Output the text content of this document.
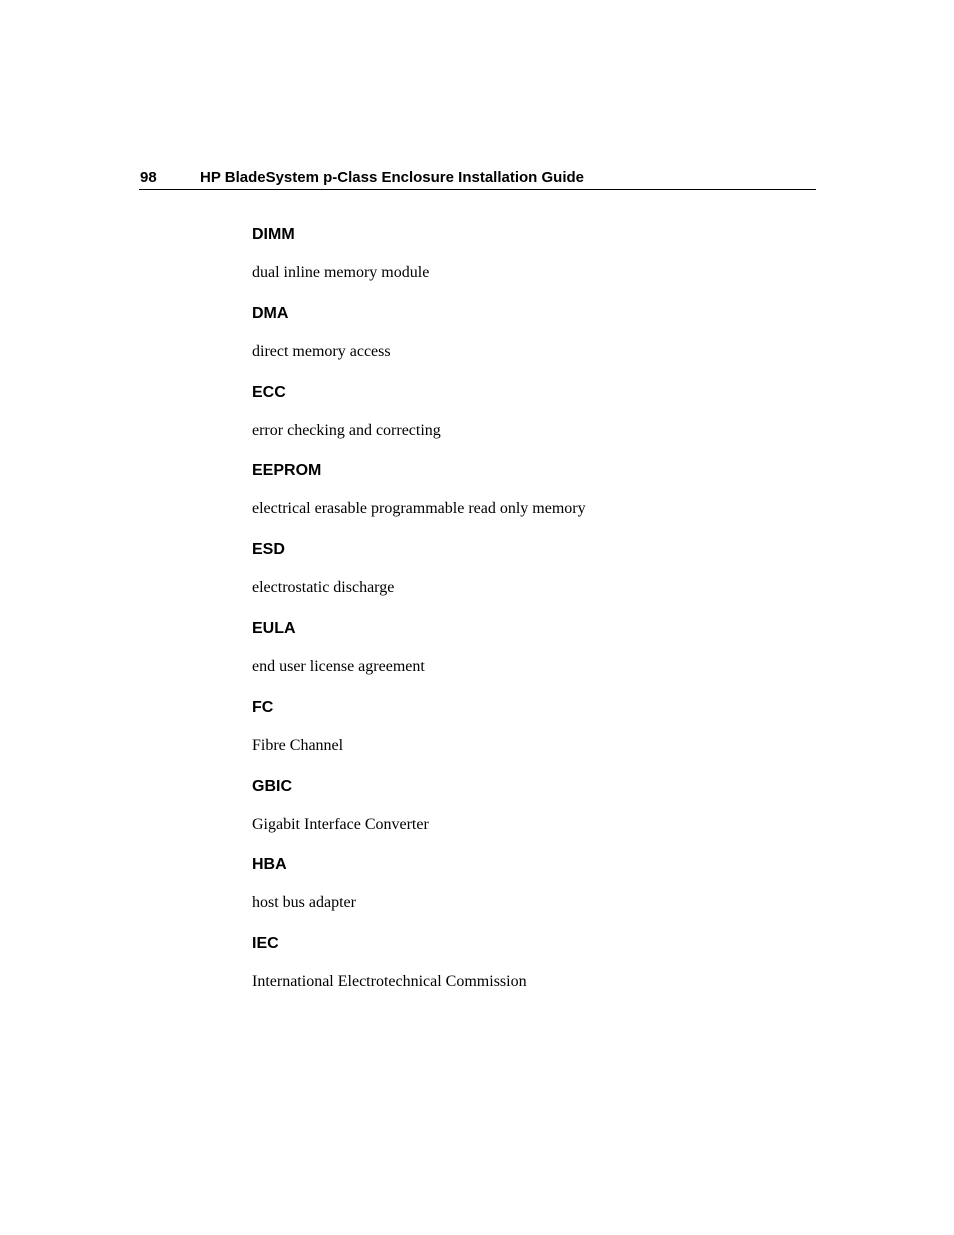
98	HP BladeSystem p-Class Enclosure Installation Guide
DIMM
dual inline memory module
DMA
direct memory access
ECC
error checking and correcting
EEPROM
electrical erasable programmable read only memory
ESD
electrostatic discharge
EULA
end user license agreement
FC
Fibre Channel
GBIC
Gigabit Interface Converter
HBA
host bus adapter
IEC
International Electrotechnical Commission
